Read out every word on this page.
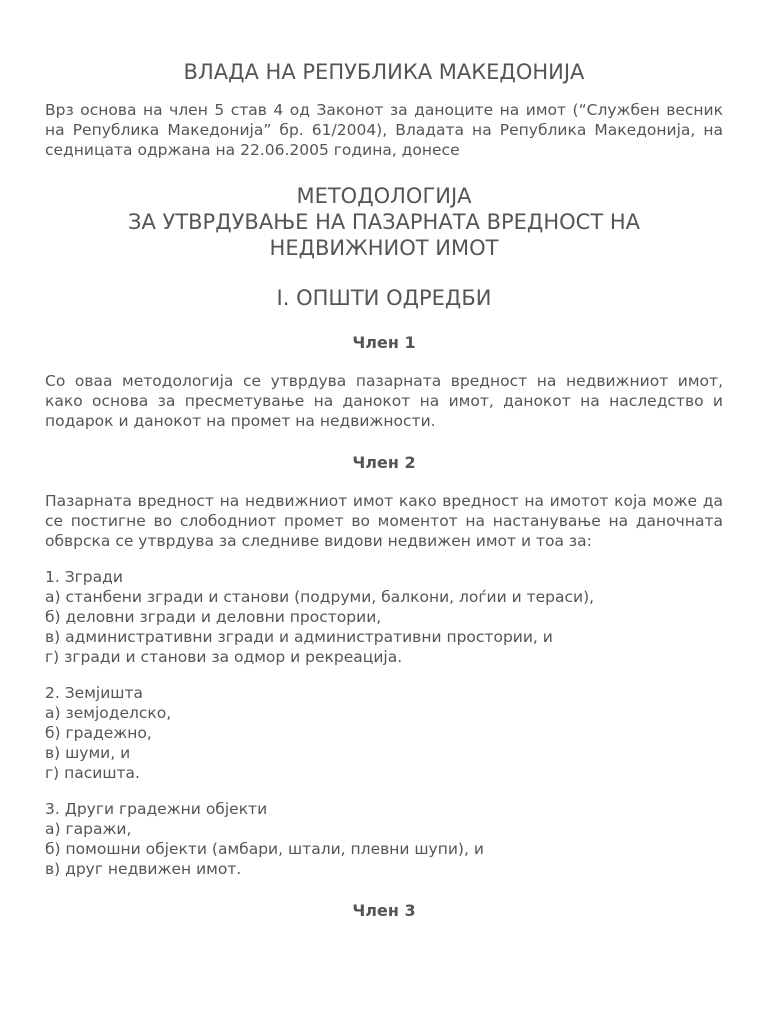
ВЛАДА НА РЕПУБЛИКА МАКЕДОНИЈА

Врз основа на член 5 став 4 од Законот за даноците на имот (“Службен весник на Република Македонија” бр. 61/2004), Владата на Република Македонија, на седницата одржана на 22.06.2005 година, донесе

МЕТОДОЛОГИЈА
ЗА УТВРДУВАЊЕ НА ПАЗАРНАТА ВРЕДНОСТ НА
НЕДВИЖНИОТ ИМОТ
I. ОПШТИ ОДРЕДБИ
Член 1

Со оваа методологија се утврдува пазарната вредност на недвижниот имот, како основа за пресметување на данокот на имот, данокот на наследство и подарок и данокот на промет на недвижности.

Член 2

Пазарната вредност на недвижниот имот како вредност на имотот која може да се постигне во слободниот промет во моментот на настанување на даночната обврска се утврдува за следниве видови недвижен имот и тоа за:

1. Згради
а) станбени згради и станови (подруми, балкони, лоѓии и тераси),
б) деловни згради и деловни простории,
в) административни згради и административни простории, и
г) згради и станови за одмор и рекреација.
2. Земјишта
а) земјоделско,
б) градежно,
в) шуми, и
г) пасишта.
3. Други градежни објекти
а) гаражи,
б) помошни објекти (амбари, штали, плевни шупи), и
в) друг недвижен имот.
Член 3
